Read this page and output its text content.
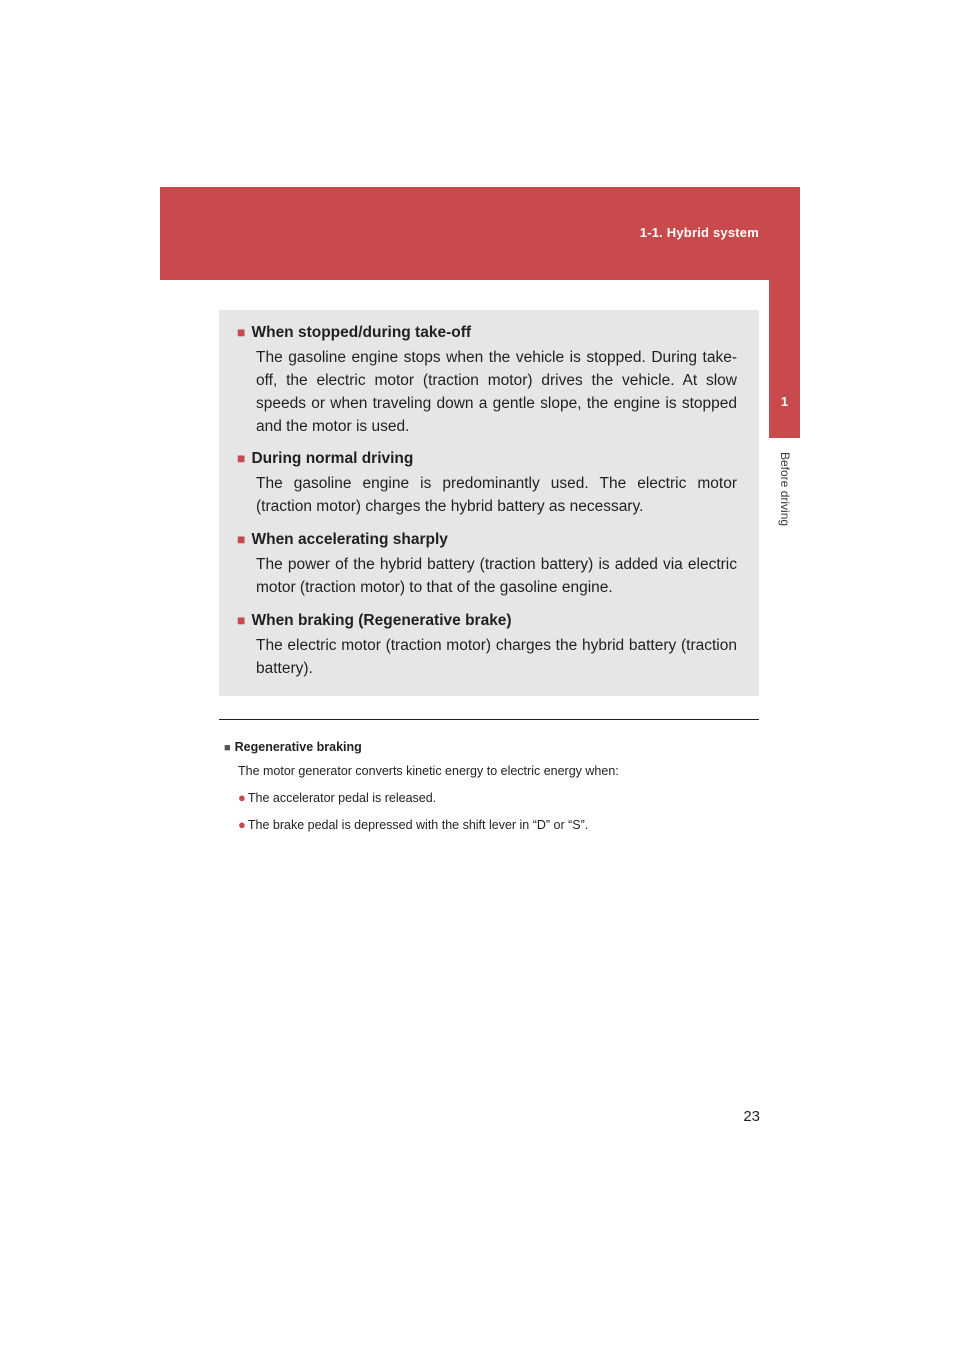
1-1. Hybrid system
1
Before driving
■ When stopped/during take-off
The gasoline engine stops when the vehicle is stopped. During take-off, the electric motor (traction motor) drives the vehicle. At slow speeds or when traveling down a gentle slope, the engine is stopped and the motor is used.
■ During normal driving
The gasoline engine is predominantly used. The electric motor (traction motor) charges the hybrid battery as necessary.
■ When accelerating sharply
The power of the hybrid battery (traction battery) is added via electric motor (traction motor) to that of the gasoline engine.
■ When braking (Regenerative brake)
The electric motor (traction motor) charges the hybrid battery (traction battery).
■ Regenerative braking
The motor generator converts kinetic energy to electric energy when:
● The accelerator pedal is released.
● The brake pedal is depressed with the shift lever in “D” or “S”.
23
